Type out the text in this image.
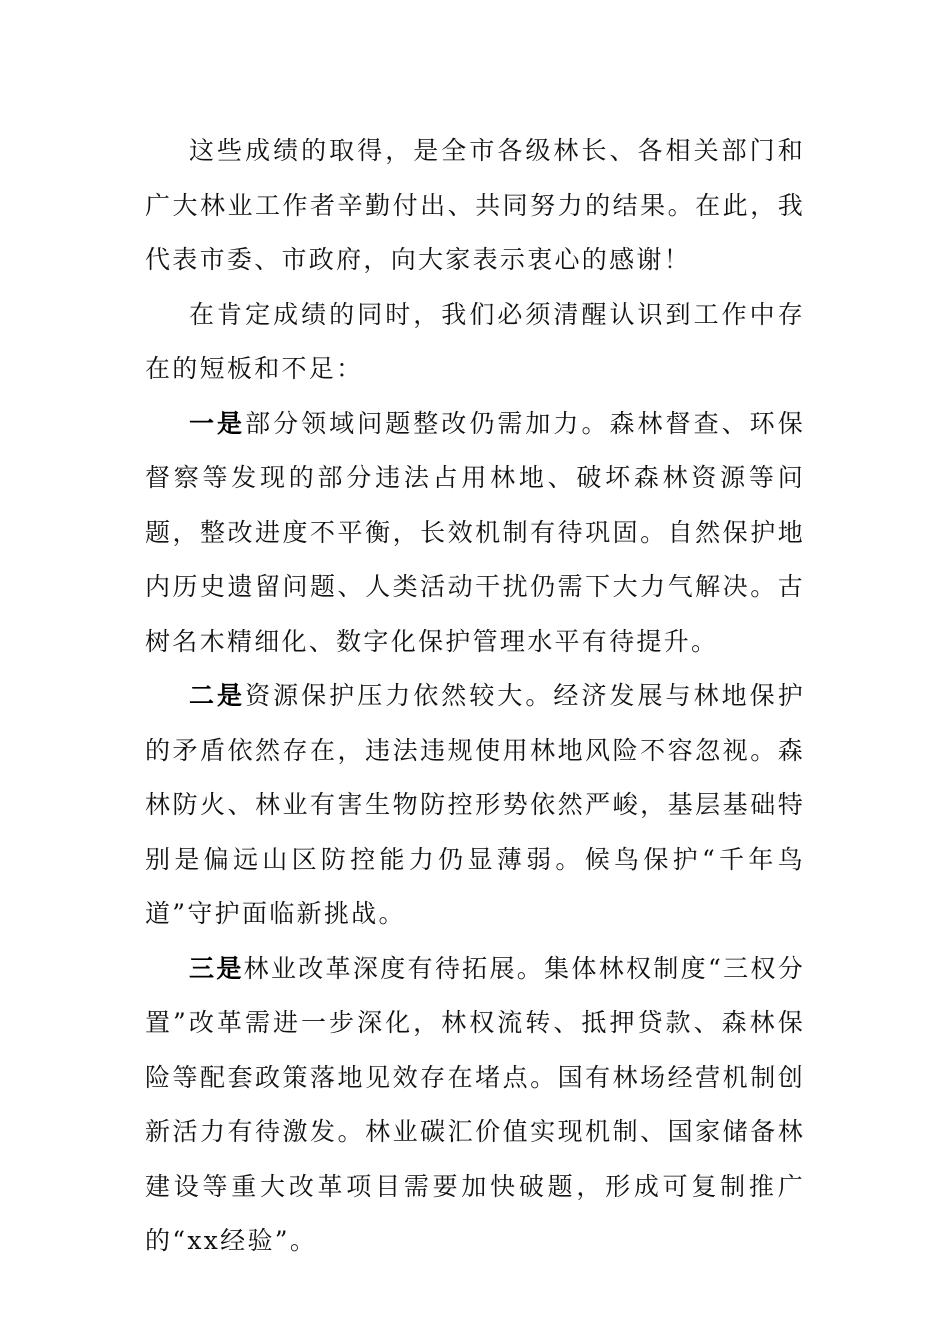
这些成绩的取得，是全市各级林长、各相关部门和广大林业工作者辛勤付出、共同努力的结果。在此，我代表市委、市政府，向大家表示衷心的感谢！

在肯定成绩的同时，我们必须清醒认识到工作中存在的短板和不足：

一是部分领域问题整改仍需加力。森林督查、环保督察等发现的部分违法占用林地、破坏森林资源等问题，整改进度不平衡，长效机制有待巩固。自然保护地内历史遗留问题、人类活动干扰仍需下大力气解决。古树名木精细化、数字化保护管理水平有待提升。

二是资源保护压力依然较大。经济发展与林地保护的矛盾依然存在，违法违规使用林地风险不容忽视。森林防火、林业有害生物防控形势依然严峻，基层基础特别是偏远山区防控能力仍显薄弱。候鸟保护“千年鸟道”守护面临新挑战。

三是林业改革深度有待拓展。集体林权制度“三权分置”改革需进一步深化，林权流转、抵押贷款、森林保险等配套政策落地见效存在堵点。国有林场经营机制创新活力有待激发。林业碳汇价值实现机制、国家储备林建设等重大改革项目需要加快破题，形成可复制推广的“xx经验”。
